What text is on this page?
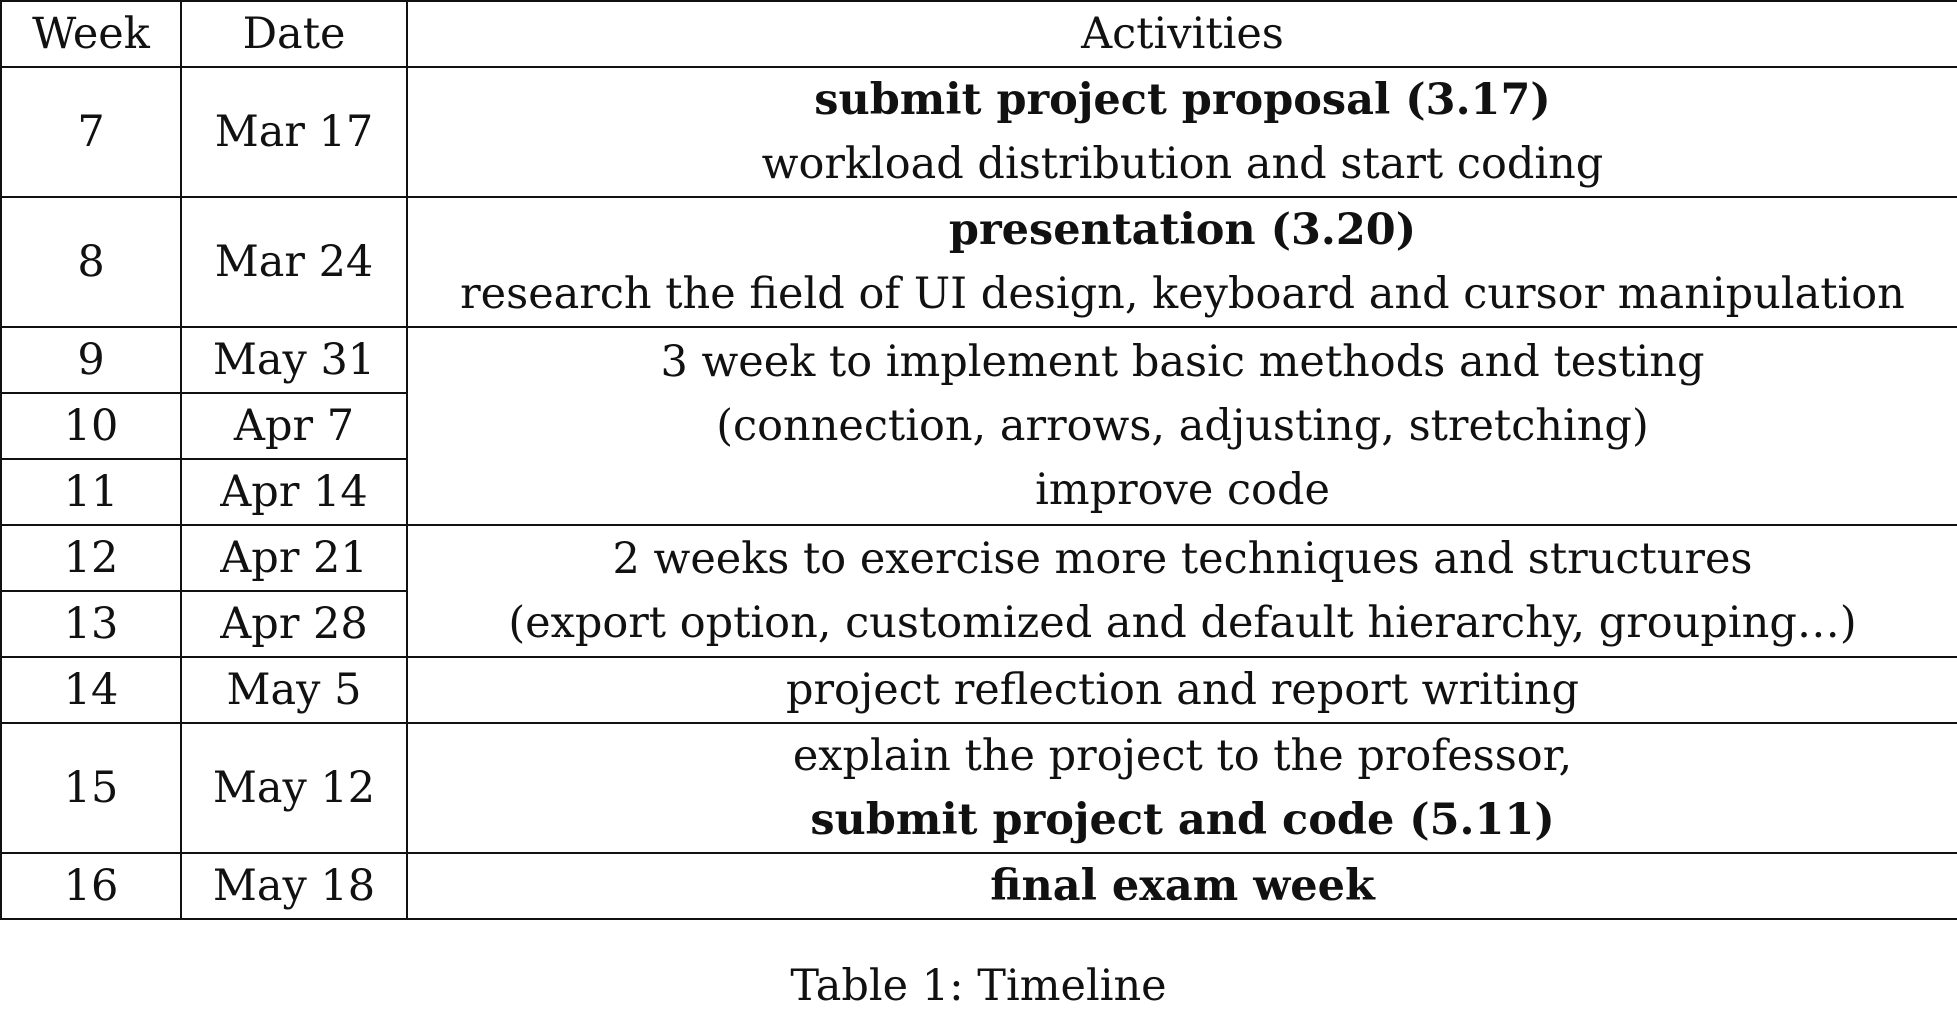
Week	Date	Activities
7	Mar 17	submit project proposal (3.17)
workload distribution and start coding

8	Mar 24	presentation (3.20)
research the field of UI design, keyboard and cursor manipulation

9	May 31	3 week to implement basic methods and testing
(connection, arrows, adjusting, stretching)
improve code

10	Apr 7	
11	Apr 14	
12	Apr 21	2 weeks to exercise more techniques and structures
(export option, customized and default hierarchy, grouping…)

13	Apr 28	
14	May 5	project reflection and report writing

15	May 12	explain the project to the professor,
submit project and code (5.11)

16	May 18	final exam week
Table 1: Timeline
